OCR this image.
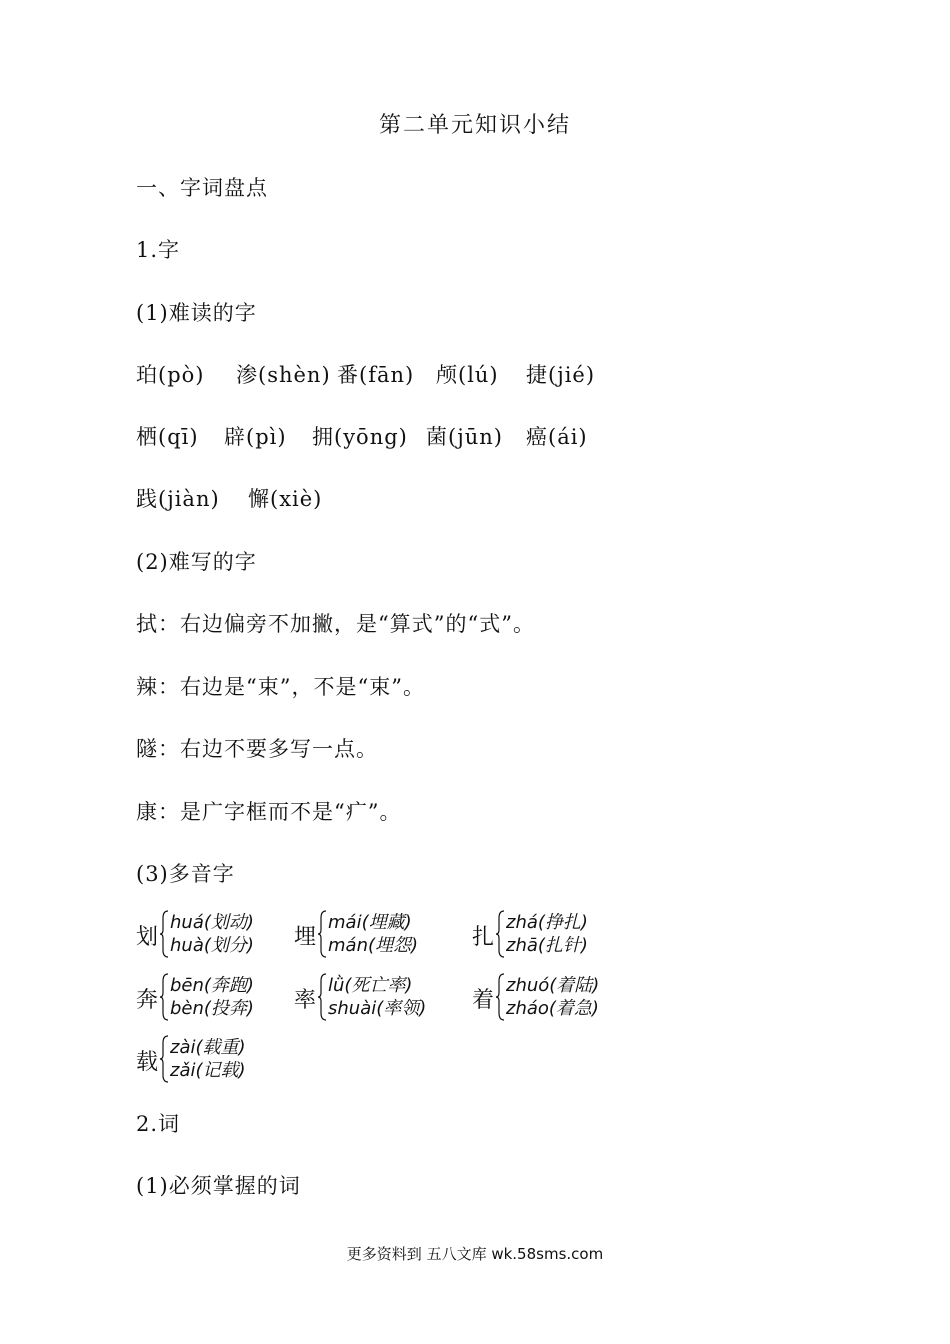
第二单元知识小结
一、字词盘点
1.字
(1)难读的字
珀(pò) 渗(shèn) 番(fān) 颅(lú) 捷(jié)
栖(qī) 辟(pì) 拥(yōng) 菌(jūn) 癌(ái)
践(jiàn) 懈(xiè)
(2)难写的字
拭：右边偏旁不加撇，是“算式”的“式”。
辣：右边是“束”，不是“束”。
隧：右边不要多写一点。
康：是广字框而不是“疒”。
(3)多音字
划
huá(划动)
huà(划分) 埋
mái(埋藏)
mán(埋怨) 扎
zhá(挣扎)
zhā(扎针)
奔
bēn(奔跑)
bèn(投奔) 率
lǜ(死亡率)
shuài(率领) 着
zhuó(着陆)
zháo(着急)
载
zài(载重)
zǎi(记载)
2.词
(1)必须掌握的词
更多资料到 五八文库 wk.58sms.com
